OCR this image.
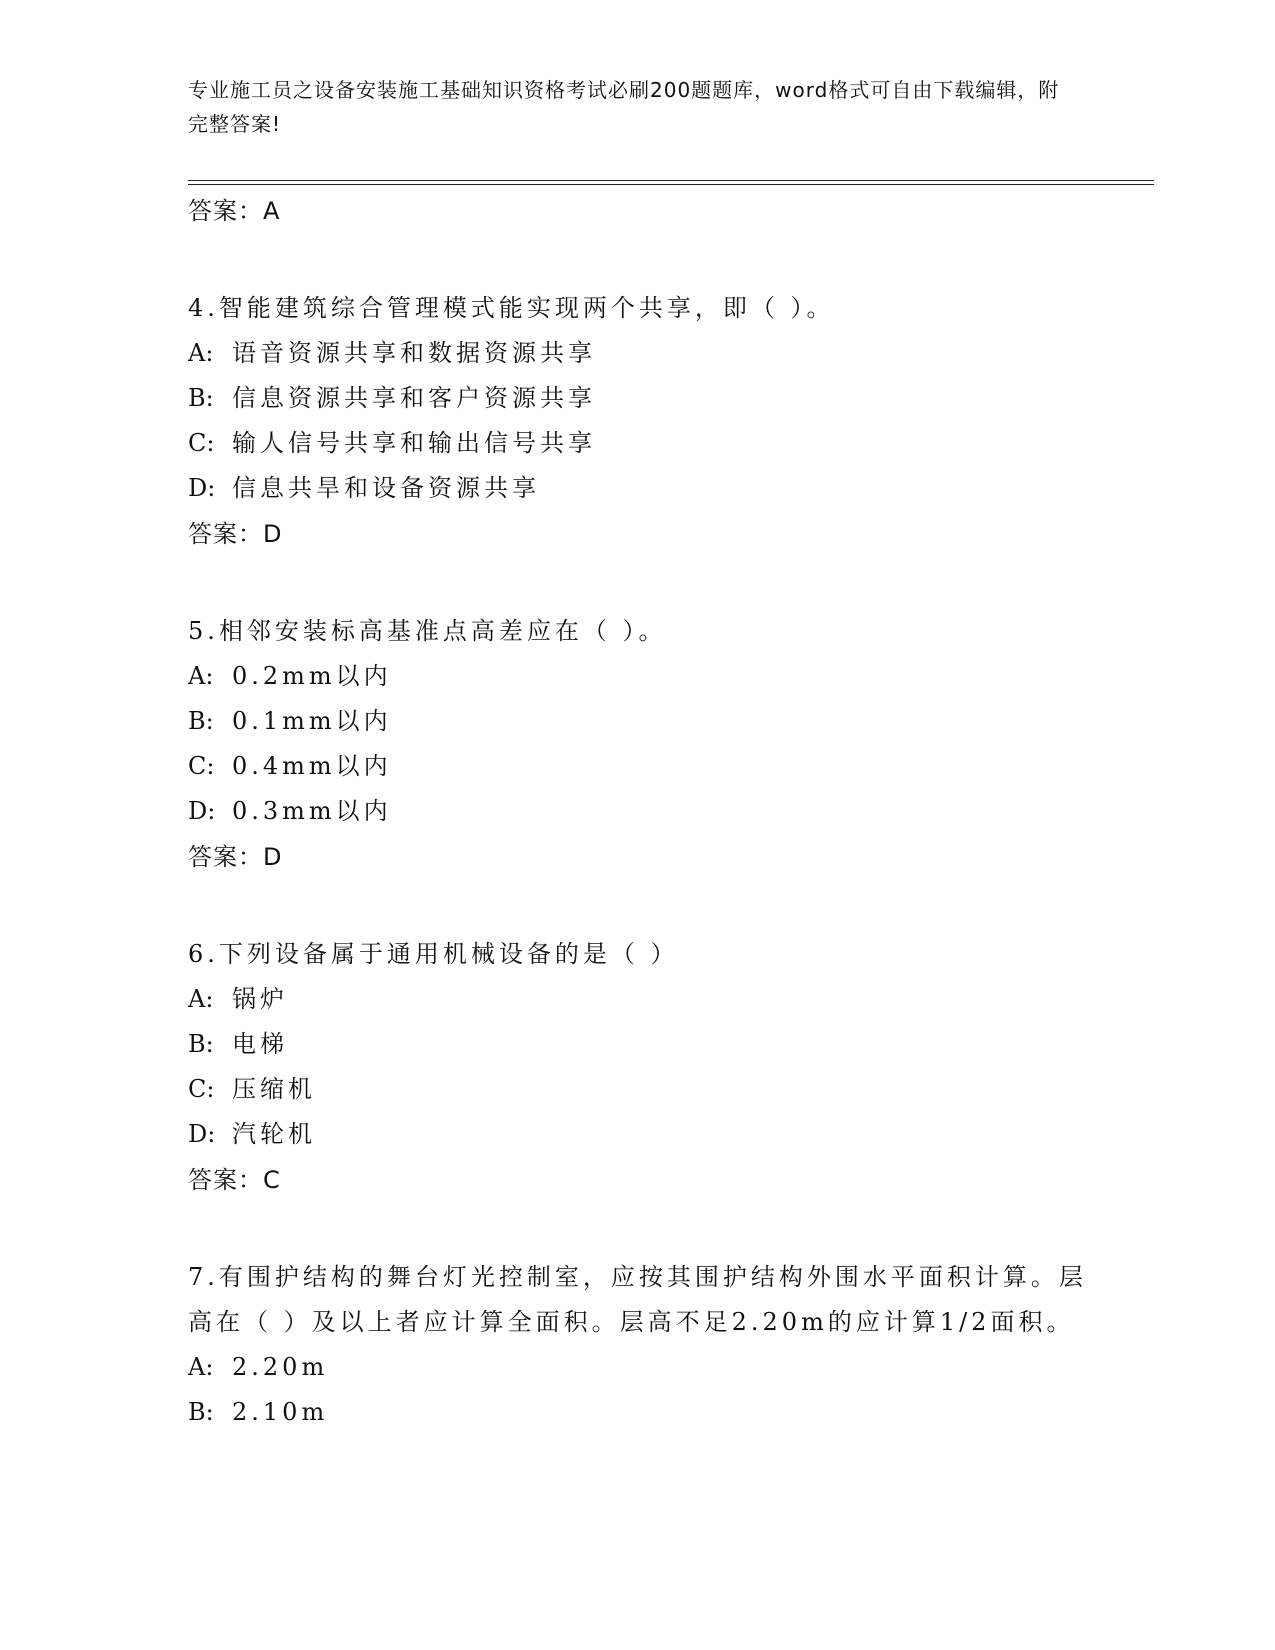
专业施工员之设备安装施工基础知识资格考试必刷200题题库，word格式可自由下载编辑，附完整答案!
答案：A
4.智能建筑综合管理模式能实现两个共享，即（ ）。
A: 语音资源共享和数据资源共享
B: 信息资源共享和客户资源共享
C: 输人信号共享和输出信号共享
D: 信息共旱和设备资源共享
答案：D
5.相邻安装标高基准点高差应在（ ）。
A: 0.2mm以内
B: 0.1mm以内
C: 0.4mm以内
D: 0.3mm以内
答案：D
6.下列设备属于通用机械设备的是（ ）
A: 锅炉
B: 电梯
C: 压缩机
D: 汽轮机
答案：C
7.有围护结构的舞台灯光控制室，应按其围护结构外围水平面积计算。层高在（ ）及以上者应计算全面积。层高不足2.20m的应计算1/2面积。
A: 2.20m
B: 2.10m
